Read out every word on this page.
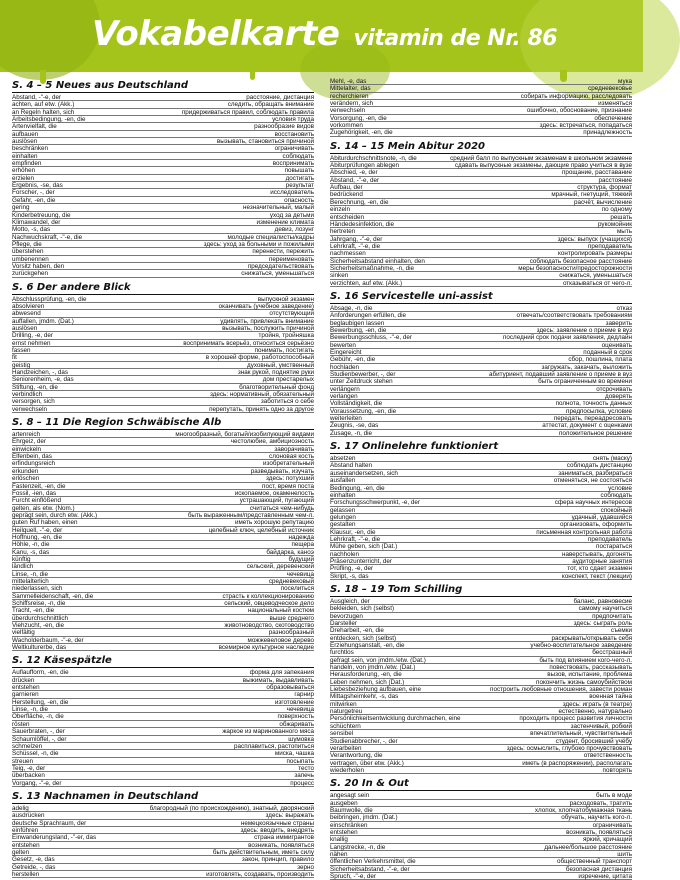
Vokabelkarte vitamin de Nr. 86
S. 4 – 5 Neues aus Deutschland
Abstand, -"-e, der	расстояние, дистанция
achten, auf etw. (Akk.)	следить, обращать внимание
an Regeln halten, sich	придерживаться правил, соблюдать правила
Arbeitsbedingung, -en, die	условия труда
Artenvielfalt, die	разнообразие видов
aufbauen	восстановить
auslösen	вызывать, становиться причиной
beschränken	ограничивать
einhalten	соблюдать
empfinden	воспринимать
erhöhen	повышать
erzielen	достигать
Ergebnis, -se, das	результат
Forscher, -, der	исследователь
Gefahr, -en, die	опасность
gering	незначительный, малый
Kinderbetreuung, die	уход за детьми
Klimawandel, der	изменение климата
Motto, -s, das	девиз, лозунг
Nachwuchskraft, -"-e, die	молодые специалисты/кадры
Pflege, die	здесь: уход за больными и пожилыми
überstehen	перенести, пережить
umbenennen	переименовать
Vorsitz haben, den	председательствовать
zurückgehen	снижаться, уменьшаться
S. 6 Der andere Blick
Abschlussprüfung, -en, die	выпускной экзамен
absolvieren	оканчивать (учебное заведение)
abwesend	отсутствующий
auffallen, jmdm. (Dat.)	удивлять, привлекать внимание
auslösen	вызывать, послужить причиной
Drilling, -e, der	тройня, тройняшка
ernst nehmen	воспринимать всерьёз, относиться серьёзно
fassen	понимать, постигать
fit	в хорошей форме, работоспособный
geistig	духовный, умственный
Handzeichen, -, das	знак рукой, поднятие руки
Seniorenheim, -e, das	дом престарелых
Stiftung, -en, die	благотворительный фонд
verbindlich	здесь: нормативный, обязательный
versorgen, sich	заботиться о себе
verwechseln	перепутать, принять одно за другое
S. 8 – 11 Die Region Schwäbische Alb
artenreich	многообразный, богатый/изобилующий видами
Ehrgeiz, der	честолюбие, амбициозность
einwickeln	заворачивать
Elfenbein, das	слоновая кость
erfindungsreich	изобретательный
erkunden	разведывать, изучать
erlöschen	здесь: потухший
Fastenzeit, -en, die	пост, время поста
Fossil, -ien, das	ископаемое, окаменелость
Furcht einflößend	устрашающий, пугающий
gelten, als etw. (Nom.)	считаться чем-нибудь
geprägt sein, durch etw. (Akk.)	быть выраженным/представленным чем-л.
guten Ruf haben, einen	иметь хорошую репутацию
Heilquell, -"-e, der	целебный ключ, целебный источник
Hoffnung, -en, die	надежда
Höhle, -n, die	пещера
Kanu, -s, das	байдарка, каноэ
künftig	будущий
ländlich	сельский, деревенский
Linse, -n, die	чечевица
mittelalterlich	средневековый
niederlassen, sich	поселиться
Sammelleidenschaft, -en, die	страсть к коллекционированию
Schiffsreise, -n, die	сельский, овцеводческое дело
Tracht, -en, die	национальный костюм
überdurchschnittlich	выше среднего
Viehzucht, -en, die	животноводство, скотоводство
vielfältig	разнообразный
Wacholderbaum, -"-e, der	можжевеловое дерево
Weltkulturerbe, das	всемирное культурное наследие
S. 12 Käsespätzle
Auflaufform, -en, die	форма для запекания
drücken	выжимать, выдавливать
entstehen	образовываться
garnieren	гарнир
Herstellung, -en, die	изготовление
Linse, -n, die	чечевица
Oberfläche, -n, die	поверхность
rösten	обжаривать
Sauerbraten, -, der	жаркое из маринованного мяса
Schaumlöffel, -, der	шумовка
schmelzen	расплавиться, растопиться
Schüssel, -n, die	миска, чашка
streuen	посыпать
Teig, -e, der	тесто
überbacken	запечь
Vorgang, -"-e, der	процесс
S. 13 Nachnamen in Deutschland
adelig	благородный (по происхождению), знатный, дворянский
ausdrücken	здесь: выражать
deutsche Sprachraum, der	немецкоязычные страны
einführen	здесь: вводить, внедрять
Einwanderungsland, -"-er, das	страна иммигрантов
entstehen	возникать, появляться
gelten	быть действительным, иметь силу
Gesetz, -e, das	закон, принцип, правило
Getreide, -, das	зерно
herstellen	изготовлять, создавать, производить
Mehl, -e, das	мука
Mittelalter, das	средневековье
recherchieren	собирать информацию, расследовать
verändern, sich	изменяться
verwechseln	ошибочно, обоснование, признание
Vorsorgung, -en, die	обеспечение
vorkommen	здесь: встречаться, попадаться
Zugehörigkeit, -en, die	принадлежность
S. 14 – 15 Mein Abitur 2020
Abiturdurchschnittsnote, -n, die	средний балл по выпускным экзаменам в школьном экзамене
Abiturprüfungen ablegen	сдавать выпускные экзамены, дающие право учиться в вузе
Abschied, -e, der	прощание, расставание
Abstand, -"-e, der	расстояние
Aufbau, der	структура, формат
bedrückend	мрачный, гнетущий, тяжкий
Berechnung, -en, die	расчёт, вычисление
einzeln	по одному
entscheiden	решать
Händedesinfektion, die	рукомойник
hertreten	мыть
Jahrgang, -"-e, der	здесь: выпуск (учащихся)
Lehrkraft, -"-e, die	преподаватель
nachmessen	контролировать размеры
Sicherheitsabstand einhalten, den	соблюдать безопасное расстояние
Sicherheitsmaßnahme, -n, die	меры безопасности/предосторожности
sinken	снижаться, уменьшаться
verzichten, auf etw. (Akk.)	отказываться от чего-л.
S. 16 Servicestelle uni-assist
Absage, -n, die	отказ
Anforderungen erfüllen, die	отвечать/соответствовать требованиям
beglaubigen lassen	заверить
Bewerbung, -en, die	здесь: заявление о приеме в вуз
Bewerbungsschluss, -"-e, der	последний срок подачи заявления, дедлайн
bewerten	оценивать
Eingereicht	поданный в срок
Gebühr, -en, die	сбор, пошлина, плата
hochladen	загружать, закачать, выложить
Studienbewerber, -, der	абитуриент, подавший заявление о приеме в вуз
unter Zeitdruck stehen	быть ограниченным во времени
verlängern	отсрочивать
verlangen	доверять
Vollständigkeit, die	полнота, точность данных
Voraussetzung, -en, die	предпосылка, условие
weiterleiten	передать, переадресовать
Zeugnis, -se, das	аттестат, документ с оценками
Zusage, -n, die	положительное решение
S. 17 Onlinelehre funktioniert
absetzen	снять (маску)
Abstand halten	соблюдать дистанцию
auseinandersetzen, sich	заниматься, разбираться
ausfallen	отменяться, не состояться
Bedingung, -en, die	условие
einhalten	соблюдать
Forschungsschwerpunkt, -e, der	сфера научных интересов
gelassen	спокойный
gelungen	удачный, удавшийся
gestalten	организовать, оформить
Klausur, -en, die	письменная контрольная работа
Lehrkraft, -"-e, die	преподаватель
Mühe geben, sich (Dat.)	постараться
nachholen	наверстывать, догонять
Präsenzunterricht, der	аудиторные занятия
Prüfling, -e, der	тот, кто сдает экзамен
Skript, -s, das	конспект, текст (лекции)
S. 18 – 19 Tom Schilling
Ausgleich, der	баланс, равновесие
bekleiden, sich (selbst)	самому научиться
bevorzugen	предпочитать
Darsteller	здесь: сыграть роль
Dreharbeit, -en, die	съемки
entdecken, sich (selbst)	раскрывать/открывать себя
Erziehungsanstalt, -en, die	учебно-воспитательное заведение
furchtlos	бесстрашный
gefragt sein, von jmdm./etw. (Dat.)	быть под влиянием кого-чего-л.
handeln, von jmdm./etw. (Dat.)	повествовать, рассказывать
Herausforderung, -en, die	вызов, испытание, проблема
Leben nehmen, sich (Dat.)	покончить жизнь самоубийством
Liebesbeziehung aufbauen, eine	построить любовные отношения, завести роман
Mittagsheimkehr, -s, das	военная тайна
mitwirken	здесь: играть (в театре)
naturgetreu	естественно, натурально
Persönlichkeitsentwicklung durchmachen, eine	проходить процесс развития личности
schüchtern	застенчивый, робкий
sensibel	впечатлительный, чувствительный
Studienabbrecher, -, der	студент, бросивший учёбу
verarbeiten	здесь: осмыслить, глубоко прочувствовать
Verantwortung, die	ответственность
vertragen, über etw. (Akk.)	иметь (в распоряжении), располагать
wiederholen	повторять
S. 20 In & Out
angesagt sein	быть в моде
ausgeben	расходовать, тратить
Baumwolle, die	хлопок, хлопчатобумажная ткань
beibringen, jmdm. (Dat.)	обучать, научить кого-л.
einschränken	ограничивать
entstehen	возникать, появляться
knallig	яркий, кричащий
Langstrecke, -n, die	дальнее/большое расстояние
nähen	шить
öffentlichen Verkehrsmittel, die	общественный транспорт
Sicherheitsabstand, -"-e, der	безопасная дистанция
Spruch, -"-e, der	изречение, цитата
